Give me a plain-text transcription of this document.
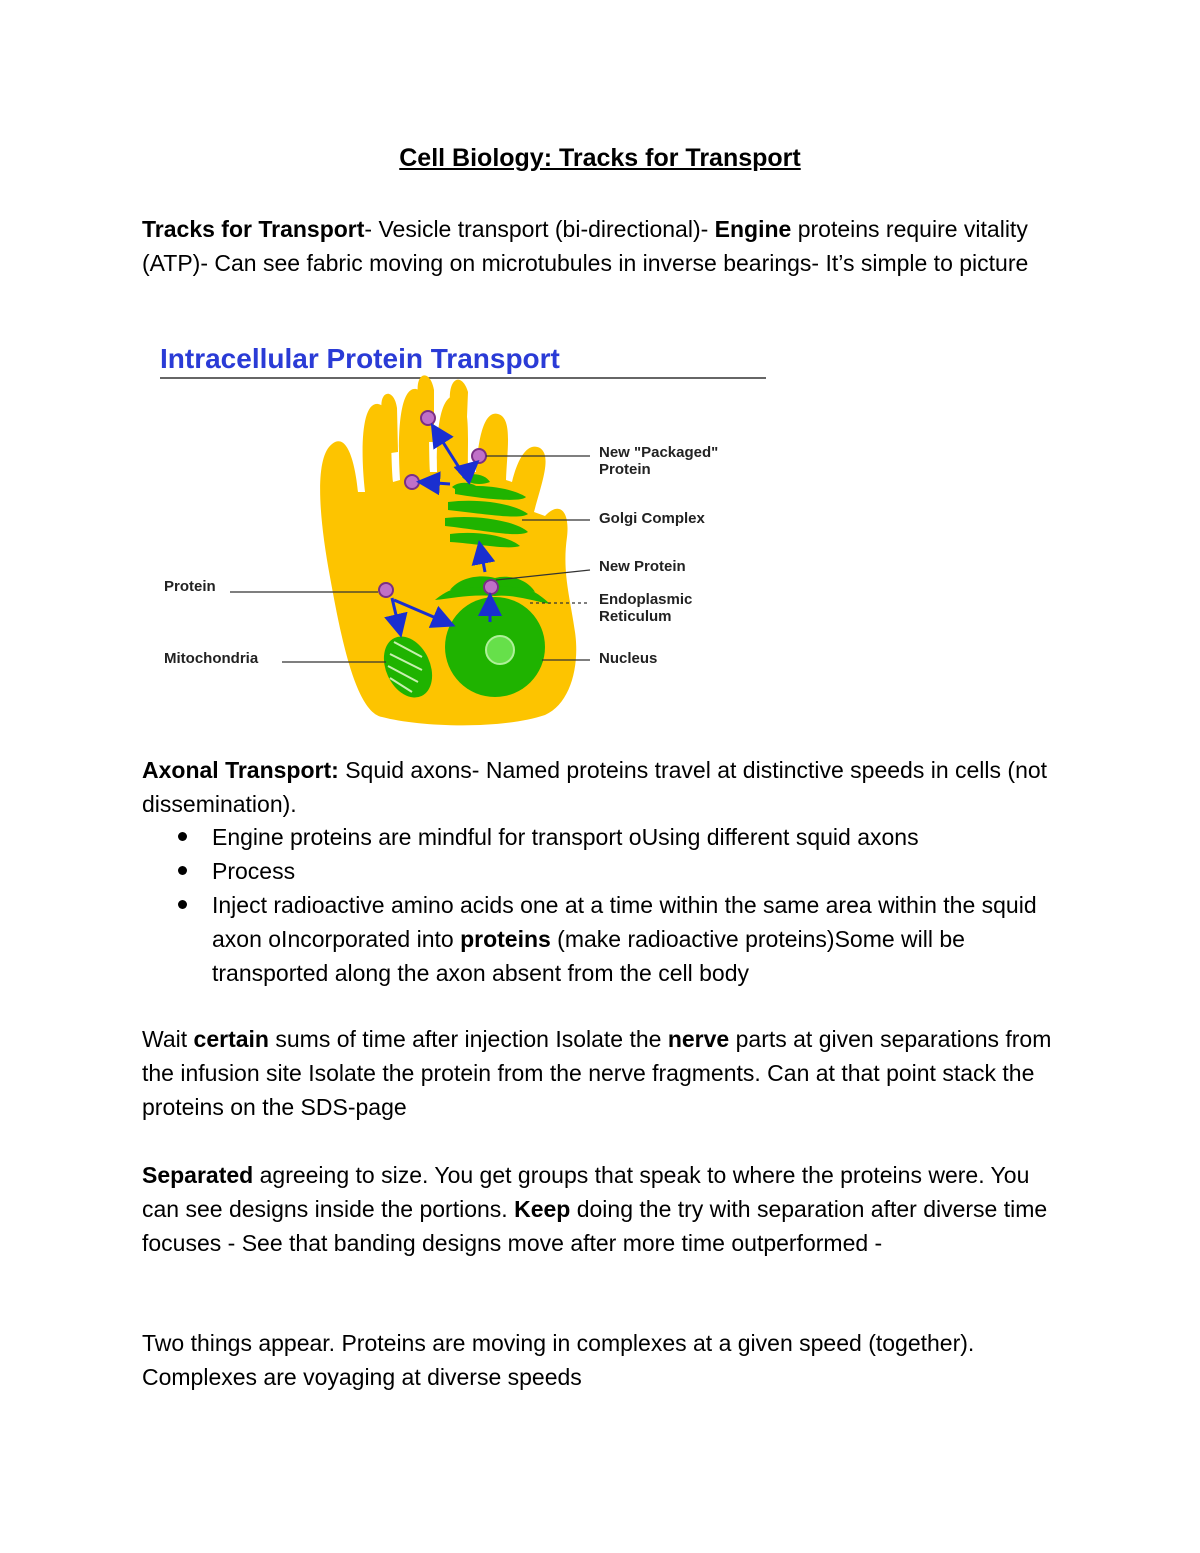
Cell Biology: Tracks for Transport

Tracks for Transport- Vesicle transport (bi-directional)- Engine proteins require vitality (ATP)- Can see fabric moving on microtubules in inverse bearings- It’s simple to picture

Intracellular Protein Transport
New "Packaged"
Protein
Golgi Complex
New Protein
Endoplasmic
Reticulum
Nucleus
Protein
Mitochondria

Axonal Transport: Squid axons- Named proteins travel at distinctive speeds in cells (not dissemination).

Engine proteins are mindful for transport oUsing different squid axons
Process
Inject radioactive amino acids one at a time within the same area within the squid axon oIncorporated into proteins (make radioactive proteins)Some will be transported along the axon absent from the cell body

Wait certain sums of time after injection Isolate the nerve parts at given separations from the infusion site Isolate the protein from the nerve fragments. Can at that point stack the proteins on the SDS-page

Separated agreeing to size. You get groups that speak to where the proteins were. You can see designs inside the portions. Keep doing the try with separation after diverse time focuses - See that banding designs move after more time outperformed -

Two things appear. Proteins are moving in complexes at a given speed (together). Complexes are voyaging at diverse speeds
